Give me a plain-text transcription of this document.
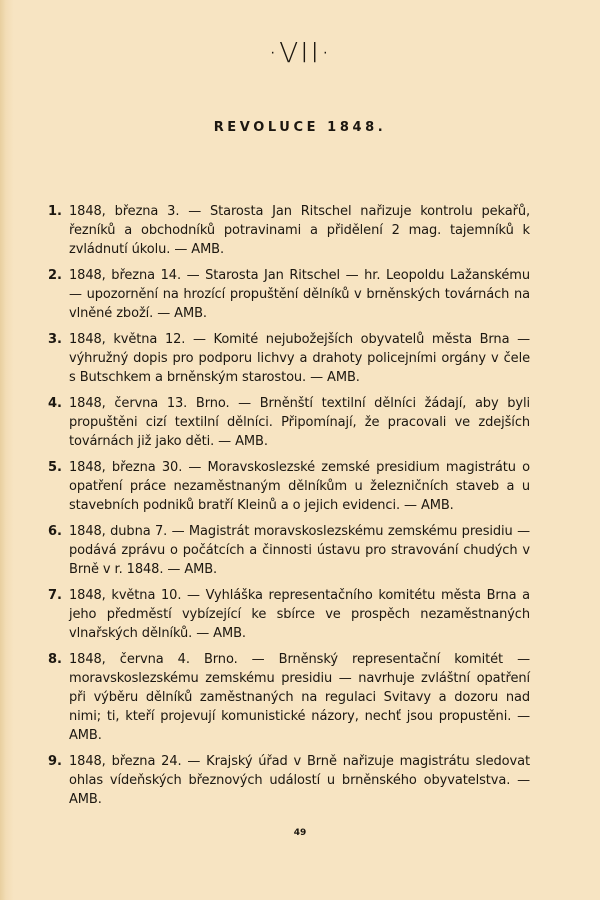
·VII·
REVOLUCE 1848.
1. 1848, března 3. — Starosta Jan Ritschel nařizuje kontrolu pekařů, řezníků a obchodníků potravinami a přidělení 2 mag. tajemníků k zvládnutí úkolu. — AMB.
2. 1848, března 14. — Starosta Jan Ritschel — hr. Leopoldu Lažanskému — upozornění na hrozící propuštění dělníků v brněnských továrnách na vlněné zboží. — AMB.
3. 1848, května 12. — Komité nejubožejších obyvatelů města Brna — výhružný dopis pro podporu lichvy a drahoty policejními orgány v čele s Butschkem a brněnským starostou. — AMB.
4. 1848, června 13. Brno. — Brněnští textilní dělníci žádají, aby byli propuštěni cizí textilní dělníci. Připomínají, že pracovali ve zdejších továrnách již jako děti. — AMB.
5. 1848, března 30. — Moravskoslezské zemské presidium magistrátu o opatření práce nezaměstnaným dělníkům u železničních staveb a u stavebních podniků bratří Kleinů a o jejich evidenci. — AMB.
6. 1848, dubna 7. — Magistrát moravskoslezskému zemskému presidiu — podává zprávu o počátcích a činnosti ústavu pro stravování chudých v Brně v r. 1848. — AMB.
7. 1848, května 10. — Vyhláška representačního komitétu města Brna a jeho předměstí vybízející ke sbírce ve prospěch nezaměstnaných vlnařských dělníků. — AMB.
8. 1848, června 4. Brno. — Brněnský representační komitét — moravskoslezskému zemskému presidiu — navrhuje zvláštní opatření při výběru dělníků zaměstnaných na regulaci Svitavy a dozoru nad nimi; ti, kteří projevují komunistické názory, nechť jsou propustěni. — AMB.
9. 1848, března 24. — Krajský úřad v Brně nařizuje magistrátu sledovat ohlas vídeňských březnových událostí u brněnského obyvatelstva. — AMB.
49
